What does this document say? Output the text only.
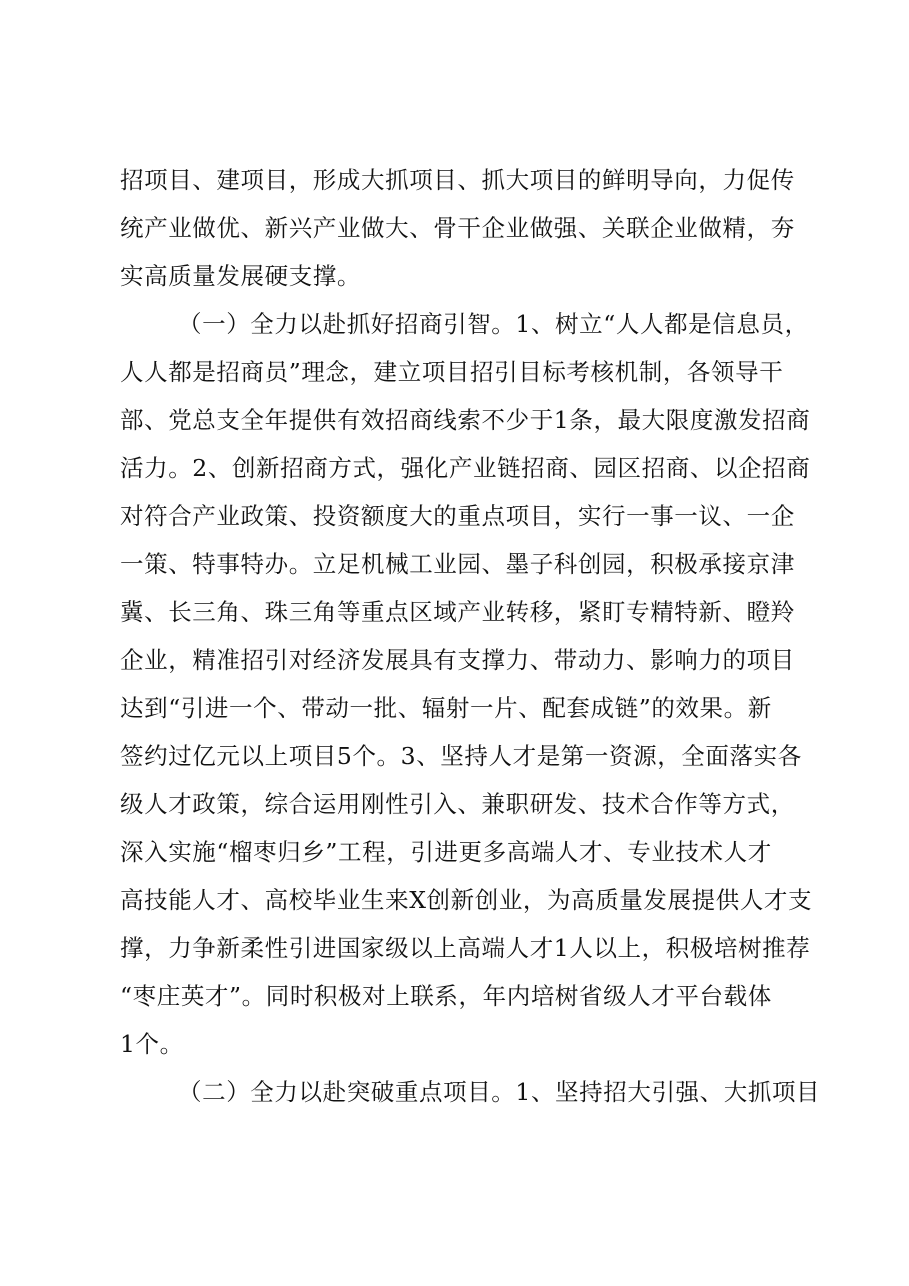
招项目、建项目，形成大抓项目、抓大项目的鲜明导向，力促传
统产业做优、新兴产业做大、骨干企业做强、关联企业做精，夯
实高质量发展硬支撑。
（一）全力以赴抓好招商引智。1、树立“人人都是信息员，
人人都是招商员”理念，建立项目招引目标考核机制，各领导干
部、党总支全年提供有效招商线索不少于1条，最大限度激发招商
活力。2、创新招商方式，强化产业链招商、园区招商、以企招商
对符合产业政策、投资额度大的重点项目，实行一事一议、一企
一策、特事特办。立足机械工业园、墨子科创园，积极承接京津
冀、长三角、珠三角等重点区域产业转移，紧盯专精特新、瞪羚
企业，精准招引对经济发展具有支撑力、带动力、影响力的项目
达到“引进一个、带动一批、辐射一片、配套成链”的效果。新
签约过亿元以上项目5个。3、坚持人才是第一资源，全面落实各
级人才政策，综合运用刚性引入、兼职研发、技术合作等方式，
深入实施“榴枣归乡”工程，引进更多高端人才、专业技术人才
高技能人才、高校毕业生来X创新创业，为高质量发展提供人才支
撑，力争新柔性引进国家级以上高端人才1人以上，积极培树推荐
“枣庄英才”。同时积极对上联系，年内培树省级人才平台载体
1个。
（二）全力以赴突破重点项目。1、坚持招大引强、大抓项目
